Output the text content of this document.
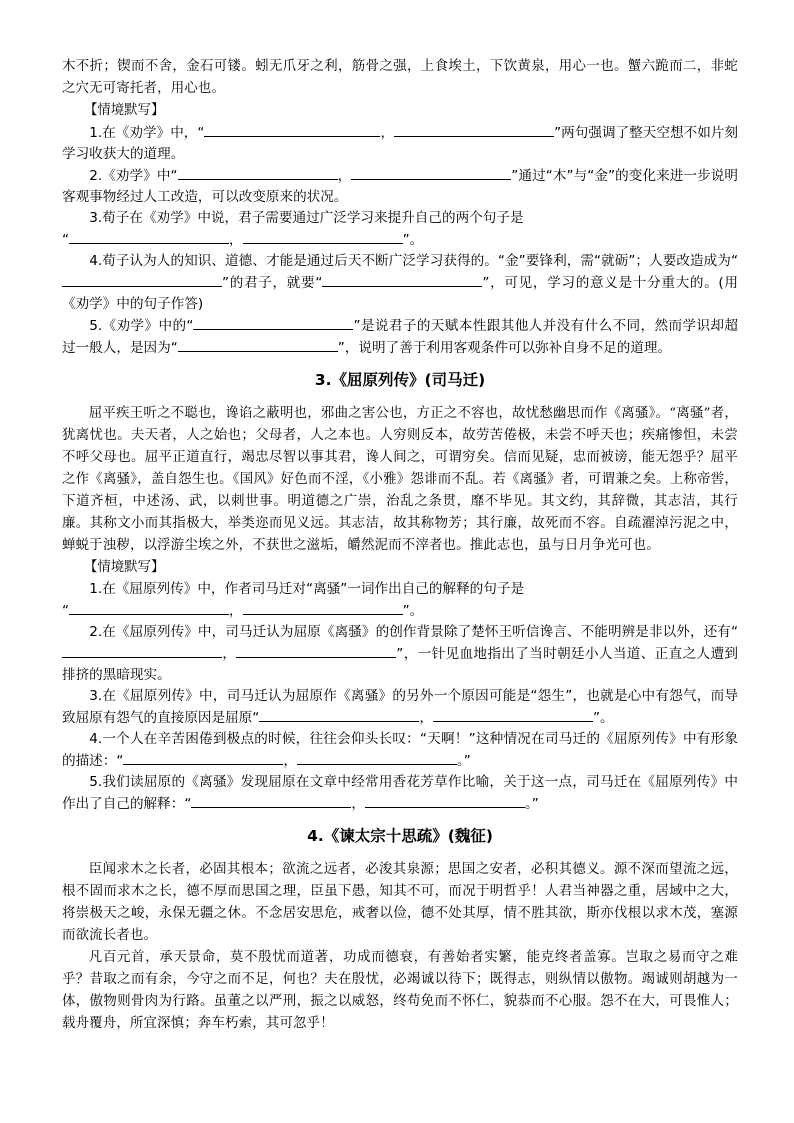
木不折；锲而不舍，金石可镂。蚓无爪牙之利，筋骨之强，上食埃土，下饮黄泉，用心一也。蟹六跪而二，非蛇之穴无可寄托者，用心也。

【情境默写】

1.在《劝学》中，“	，	”两句强调了整天空想不如片刻学习收获大的道理。

2.《劝学》中“	，	”通过“木”与“金”的变化来进一步说明客观事物经过人工改造，可以改变原来的状况。

3.荀子在《劝学》中说，君子需要通过广泛学习来提升自己的两个句子是

“	，	”。

4.荀子认为人的知识、道德、才能是通过后天不断广泛学习获得的。“金”要锋利，需“就砺”；人要改造成为“”的君子，就要“	”，可见，学习的意义是十分重大的。(用《劝学》中的句子作答)

5.《劝学》中的“	”是说君子的天赋本性跟其他人并没有什么不同，然而学识却超过一般人，是因为“	”，说明了善于利用客观条件可以弥补自身不足的道理。

3.《屈原列传》(司马迁)

屈平疾王听之不聪也，谗谄之蔽明也，邪曲之害公也，方正之不容也，故忧愁幽思而作《离骚》。“离骚”者，犹离忧也。夫天者，人之始也；父母者，人之本也。人穷则反本，故劳苦倦极，未尝不呼天也；疾痛惨怛，未尝不呼父母也。屈平正道直行，竭忠尽智以事其君，谗人间之，可谓穷矣。信而见疑，忠而被谤，能无怨乎？屈平之作《离骚》，盖自怨生也。《国风》好色而不淫，《小雅》怨诽而不乱。若《离骚》者，可谓兼之矣。上称帝喾，下道齐桓，中述汤、武，以刺世事。明道德之广崇，治乱之条贯，靡不毕见。其文约，其辞微，其志洁，其行廉。其称文小而其指极大，举类迩而见义远。其志洁，故其称物芳；其行廉，故死而不容。自疏濯淖污泥之中，蝉蜕于浊秽，以浮游尘埃之外，不获世之滋垢，皭然泥而不滓者也。推此志也，虽与日月争光可也。

【情境默写】

1.在《屈原列传》中，作者司马迁对“离骚”一词作出自己的解释的句子是

“	，	”。

2.在《屈原列传》中，司马迁认为屈原《离骚》的创作背景除了楚怀王听信谗言、不能明辨是非以外，还有“，	”，一针见血地指出了当时朝廷小人当道、正直之人遭到排挤的黑暗现实。

3.在《屈原列传》中，司马迁认为屈原作《离骚》的另外一个原因可能是“怨生”，也就是心中有怨气，而导致屈原有怨气的直接原因是屈原“	，	”。

4.一个人在辛苦困倦到极点的时候，往往会仰头长叹：“天啊！”这种情况在司马迁的《屈原列传》中有形象的描述：“	，	。”

5.我们读屈原的《离骚》发现屈原在文章中经常用香花芳草作比喻，关于这一点，司马迁在《屈原列传》中作出了自己的解释：“	，	。”

4.《谏太宗十思疏》(魏征)

臣闻求木之长者，必固其根本；欲流之远者，必浚其泉源；思国之安者，必积其德义。源不深而望流之远，根不固而求木之长，德不厚而思国之理，臣虽下愚，知其不可，而况于明哲乎！人君当神器之重，居域中之大，将崇极天之峻，永保无疆之休。不念居安思危，戒奢以俭，德不处其厚，情不胜其欲，斯亦伐根以求木茂，塞源而欲流长者也。

凡百元首，承天景命，莫不殷忧而道著，功成而德衰，有善始者实繁，能克终者盖寡。岂取之易而守之难乎？昔取之而有余，今守之而不足，何也？夫在殷忧，必竭诚以待下；既得志，则纵情以傲物。竭诚则胡越为一体，傲物则骨肉为行路。虽董之以严刑，振之以威怒，终苟免而不怀仁，貌恭而不心服。怨不在大，可畏惟人；载舟覆舟，所宜深慎；奔车朽索，其可忽乎！
